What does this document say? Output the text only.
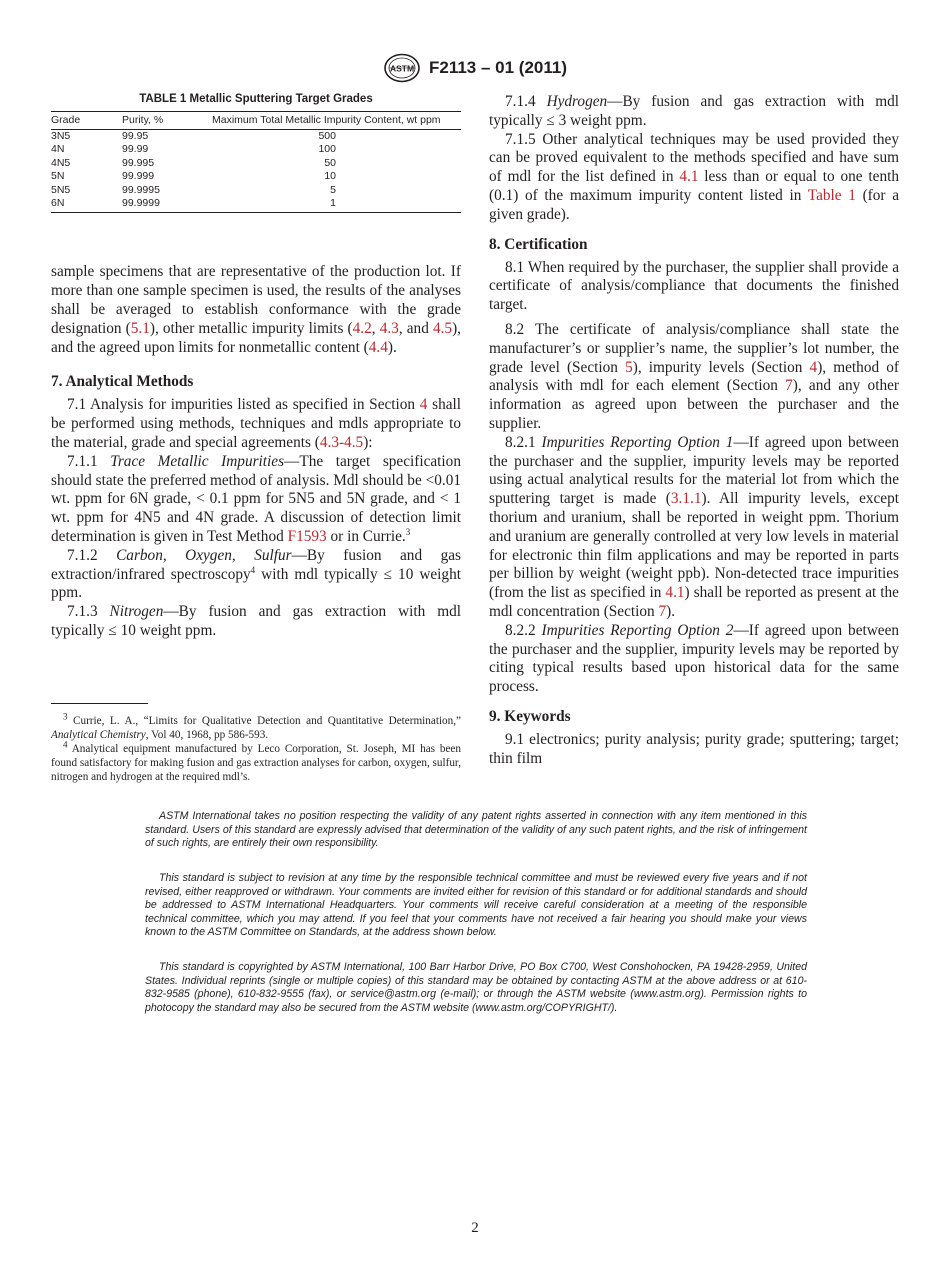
ASTM F2113 – 01 (2011)

TABLE 1 Metallic Sputtering Target Grades

Grade	Purity, %	Maximum Total Metallic Impurity Content, wt ppm
3N5	99.95	500
4N	99.99	100
4N5	99.995	50
5N	99.999	10
5N5	99.9995	5
6N	99.9999	1

sample specimens that are representative of the production lot. If more than one sample specimen is used, the results of the analyses shall be averaged to establish conformance with the grade designation (5.1), other metallic impurity limits (4.2, 4.3, and 4.5), and the agreed upon limits for nonmetallic content (4.4).

7. Analytical Methods

7.1 Analysis for impurities listed as specified in Section 4 shall be performed using methods, techniques and mdls appropriate to the material, grade and special agreements (4.3-4.5):

7.1.1 Trace Metallic Impurities—The target specification should state the preferred method of analysis. Mdl should be <0.01 wt. ppm for 6N grade, < 0.1 ppm for 5N5 and 5N grade, and < 1 wt. ppm for 4N5 and 4N grade. A discussion of detection limit determination is given in Test Method F1593 or in Currie.$^3$

7.1.2 Carbon, Oxygen, Sulfur—By fusion and gas extraction/infrared spectroscopy$^4$ with mdl typically ≤ 10 weight ppm.

7.1.3 Nitrogen—By fusion and gas extraction with mdl typically ≤ 10 weight ppm.

$^3$ Currie, L. A., “Limits for Qualitative Detection and Quantitative Determination,” Analytical Chemistry, Vol 40, 1968, pp 586-593.

$^4$ Analytical equipment manufactured by Leco Corporation, St. Joseph, MI has been found satisfactory for making fusion and gas extraction analyses for carbon, oxygen, sulfur, nitrogen and hydrogen at the required mdl’s.

7.1.4 Hydrogen—By fusion and gas extraction with mdl typically ≤ 3 weight ppm.

7.1.5 Other analytical techniques may be used provided they can be proved equivalent to the methods specified and have sum of mdl for the list defined in 4.1 less than or equal to one tenth (0.1) of the maximum impurity content listed in Table 1 (for a given grade).

8. Certification

8.1 When required by the purchaser, the supplier shall provide a certificate of analysis/compliance that documents the finished target.

8.2 The certificate of analysis/compliance shall state the manufacturer’s or supplier’s name, the supplier’s lot number, the grade level (Section 5), impurity levels (Section 4), method of analysis with mdl for each element (Section 7), and any other information as agreed upon between the purchaser and the supplier.

8.2.1 Impurities Reporting Option 1—If agreed upon between the purchaser and the supplier, impurity levels may be reported using actual analytical results for the material lot from which the sputtering target is made (3.1.1). All impurity levels, except thorium and uranium, shall be reported in weight ppm. Thorium and uranium are generally controlled at very low levels in material for electronic thin film applications and may be reported in parts per billion by weight (weight ppb). Non-detected trace impurities (from the list as specified in 4.1) shall be reported as present at the mdl concentration (Section 7).

8.2.2 Impurities Reporting Option 2—If agreed upon between the purchaser and the supplier, impurity levels may be reported by citing typical results based upon historical data for the same process.

9. Keywords

9.1 electronics; purity analysis; purity grade; sputtering; target; thin film

ASTM International takes no position respecting the validity of any patent rights asserted in connection with any item mentioned in this standard. Users of this standard are expressly advised that determination of the validity of any such patent rights, and the risk of infringement of such rights, are entirely their own responsibility.

This standard is subject to revision at any time by the responsible technical committee and must be reviewed every five years and if not revised, either reapproved or withdrawn. Your comments are invited either for revision of this standard or for additional standards and should be addressed to ASTM International Headquarters. Your comments will receive careful consideration at a meeting of the responsible technical committee, which you may attend. If you feel that your comments have not received a fair hearing you should make your views known to the ASTM Committee on Standards, at the address shown below.

This standard is copyrighted by ASTM International, 100 Barr Harbor Drive, PO Box C700, West Conshohocken, PA 19428-2959, United States. Individual reprints (single or multiple copies) of this standard may be obtained by contacting ASTM at the above address or at 610-832-9585 (phone), 610-832-9555 (fax), or service@astm.org (e-mail); or through the ASTM website (www.astm.org). Permission rights to photocopy the standard may also be secured from the ASTM website (www.astm.org/COPYRIGHT/).

2
